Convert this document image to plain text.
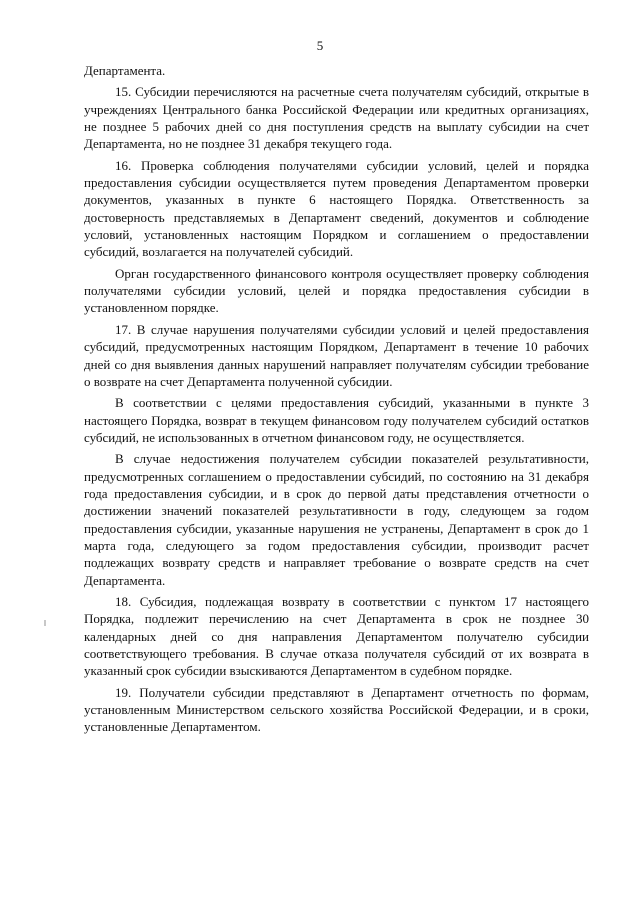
5

Департамента.

15. Субсидии перечисляются на расчетные счета получателям субсидий, открытые в учреждениях Центрального банка Российской Федерации или кредитных организациях, не позднее 5 рабочих дней со дня поступления средств на выплату субсидии на счет Департамента, но не позднее 31 декабря текущего года.

16. Проверка соблюдения получателями субсидии условий, целей и порядка предоставления субсидии осуществляется путем проведения Департаментом проверки документов, указанных в пункте 6 настоящего Порядка. Ответственность за достоверность представляемых в Департамент сведений, документов и соблюдение условий, установленных настоящим Порядком и соглашением о предоставлении субсидий, возлагается на получателей субсидий.

Орган государственного финансового контроля осуществляет проверку соблюдения получателями субсидии условий, целей и порядка предоставления субсидии в установленном порядке.

17. В случае нарушения получателями субсидии условий и целей предоставления субсидий, предусмотренных настоящим Порядком, Департамент в течение 10 рабочих дней со дня выявления данных нарушений направляет получателям субсидии требование о возврате на счет Департамента полученной субсидии.

В соответствии с целями предоставления субсидий, указанными в пункте 3 настоящего Порядка, возврат в текущем финансовом году получателем субсидий остатков субсидий, не использованных в отчетном финансовом году, не осуществляется.

В случае недостижения получателем субсидии показателей результативности, предусмотренных соглашением о предоставлении субсидий, по состоянию на 31 декабря года предоставления субсидии, и в срок до первой даты представления отчетности о достижении значений показателей результативности в году, следующем за годом предоставления субсидии, указанные нарушения не устранены, Департамент в срок до 1 марта года, следующего за годом предоставления субсидии, производит расчет подлежащих возврату средств и направляет требование о возврате средств на счет Департамента.

18. Субсидия, подлежащая возврату в соответствии с пунктом 17 настоящего Порядка, подлежит перечислению на счет Департамента в срок не позднее 30 календарных дней со дня направления Департаментом получателю субсидии соответствующего требования. В случае отказа получателя субсидий от их возврата в указанный срок субсидии взыскиваются Департаментом в судебном порядке.

19. Получатели субсидии представляют в Департамент отчетность по формам, установленным Министерством сельского хозяйства Российской Федерации, и в сроки, установленные Департаментом.
